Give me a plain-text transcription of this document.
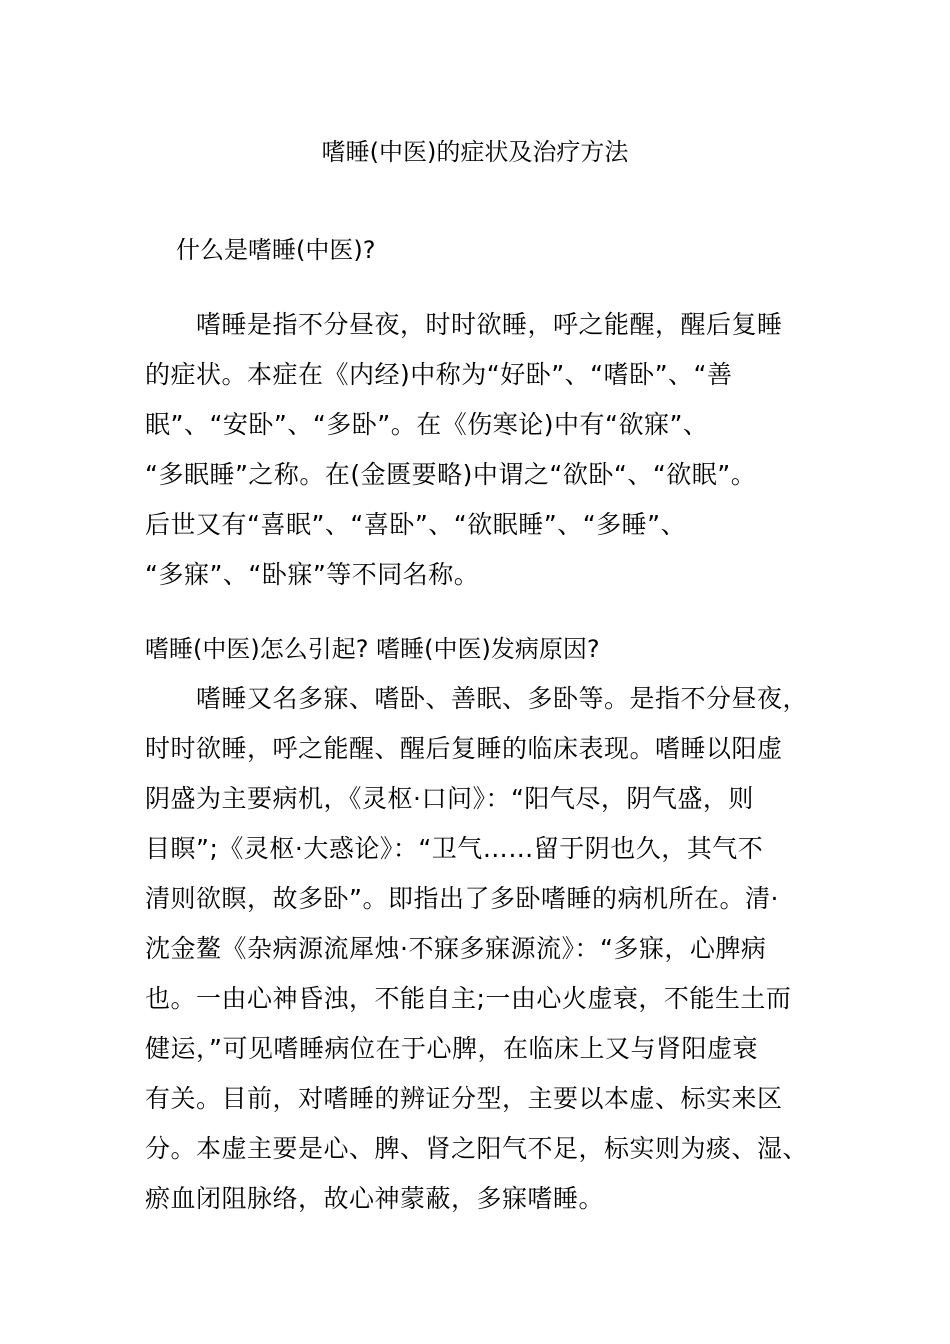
嗜睡(中医)的症状及治疗方法
什么是嗜睡(中医)?
嗜睡是指不分昼夜，时时欲睡，呼之能醒，醒后复睡
的症状。本症在《内经)中称为“好卧”、“嗜卧”、“善
眠”、“安卧”、“多卧”。在《伤寒论)中有“欲寐”、
“多眠睡”之称。在(金匮要略)中谓之“欲卧“、“欲眠”。
后世又有“喜眠”、“喜卧”、“欲眠睡”、“多睡”、
“多寐”、“卧寐”等不同名称。
嗜睡(中医)怎么引起? 嗜睡(中医)发病原因?
嗜睡又名多寐、嗜卧、善眠、多卧等。是指不分昼夜，
时时欲睡，呼之能醒、醒后复睡的临床表现。嗜睡以阳虚
阴盛为主要病机，《灵枢·口问》：“阳气尽，阴气盛，则
目瞑”;《灵枢·大惑论》：“卫气……留于阴也久，其气不
清则欲瞑，故多卧”。即指出了多卧嗜睡的病机所在。清·
沈金鳌《杂病源流犀烛·不寐多寐源流》：“多寐，心脾病
也。一由心神昏浊，不能自主;一由心火虚衰，不能生土而
健运，”可见嗜睡病位在于心脾，在临床上又与肾阳虚衰
有关。目前，对嗜睡的辨证分型，主要以本虚、标实来区
分。本虚主要是心、脾、肾之阳气不足，标实则为痰、湿、
瘀血闭阻脉络，故心神蒙蔽，多寐嗜睡。
